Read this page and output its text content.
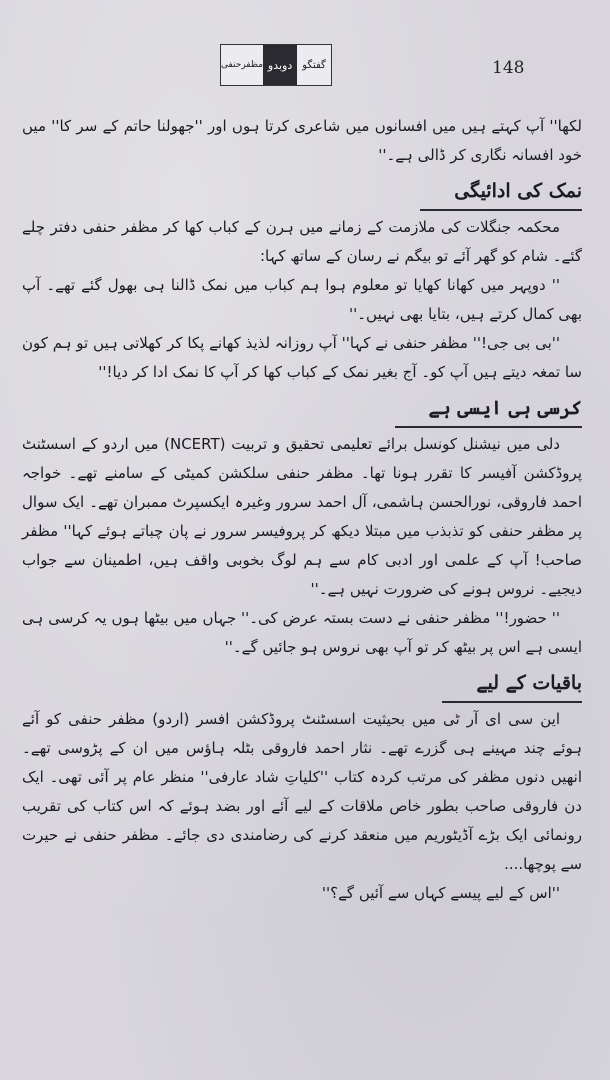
گفتگو
دوبدو
مظفرحنفی	148

لکھا'' آپ کہتے ہیں میں افسانوں میں شاعری کرتا ہوں اور ''جھولنا حاتم کے سر کا'' میں خود افسانہ نگاری کر ڈالی ہے۔''

نمک کی ادائیگی

محکمہ جنگلات کی ملازمت کے زمانے میں ہرن کے کباب کھا کر مظفر حنفی دفتر چلے گئے۔ شام کو گھر آئے تو بیگم نے رسان کے ساتھ کہا:

'' دوپہر میں کھانا کھایا تو معلوم ہوا ہم کباب میں نمک ڈالنا ہی بھول گئے تھے۔ آپ بھی کمال کرتے ہیں، بتایا بھی نہیں۔''

''بی بی جی!'' مظفر حنفی نے کہا'' آپ روزانہ لذیذ کھانے پکا کر کھلاتی ہیں تو ہم کون سا تمغہ دیتے ہیں آپ کو۔ آج بغیر نمک کے کباب کھا کر آپ کا نمک ادا کر دیا!''

کرسی ہی ایسی ہے

دلی میں نیشنل کونسل برائے تعلیمی تحقیق و تربیت (NCERT) میں اردو کے اسسٹنٹ پروڈکشن آفیسر کا تقرر ہونا تھا۔ مظفر حنفی سلکشن کمیٹی کے سامنے تھے۔ خواجہ احمد فاروقی، نورالحسن ہاشمی، آل احمد سرور وغیرہ ایکسپرٹ ممبران تھے۔ ایک سوال پر مظفر حنفی کو تذبذب میں مبتلا دیکھ کر پروفیسر سرور نے پان چباتے ہوئے کہا'' مظفر صاحب! آپ کے علمی اور ادبی کام سے ہم لوگ بخوبی واقف ہیں، اطمینان سے جواب دیجیے۔ نروس ہونے کی ضرورت نہیں ہے۔''

'' حضور!'' مظفر حنفی نے دست بستہ عرض کی۔'' جہاں میں بیٹھا ہوں یہ کرسی ہی ایسی ہے اس پر بیٹھ کر تو آپ بھی نروس ہو جائیں گے۔''

باقیات کے لیے

این سی ای آر ٹی میں بحیثیت اسسٹنٹ پروڈکشن افسر (اردو) مظفر حنفی کو آئے ہوئے چند مہینے ہی گزرے تھے۔ نثار احمد فاروقی بٹلہ ہاؤس میں ان کے پڑوسی تھے۔ انھیں دنوں مظفر کی مرتب کردہ کتاب ''کلیاتِ شاد عارفی'' منظر عام پر آئی تھی۔ ایک دن فاروقی صاحب بطور خاص ملاقات کے لیے آئے اور بضد ہوئے کہ اس کتاب کی تقریب رونمائی ایک بڑے آڈیٹوریم میں منعقد کرنے کی رضامندی دی جائے۔ مظفر حنفی نے حیرت سے پوچھا....

''اس کے لیے پیسے کہاں سے آئیں گے؟''
